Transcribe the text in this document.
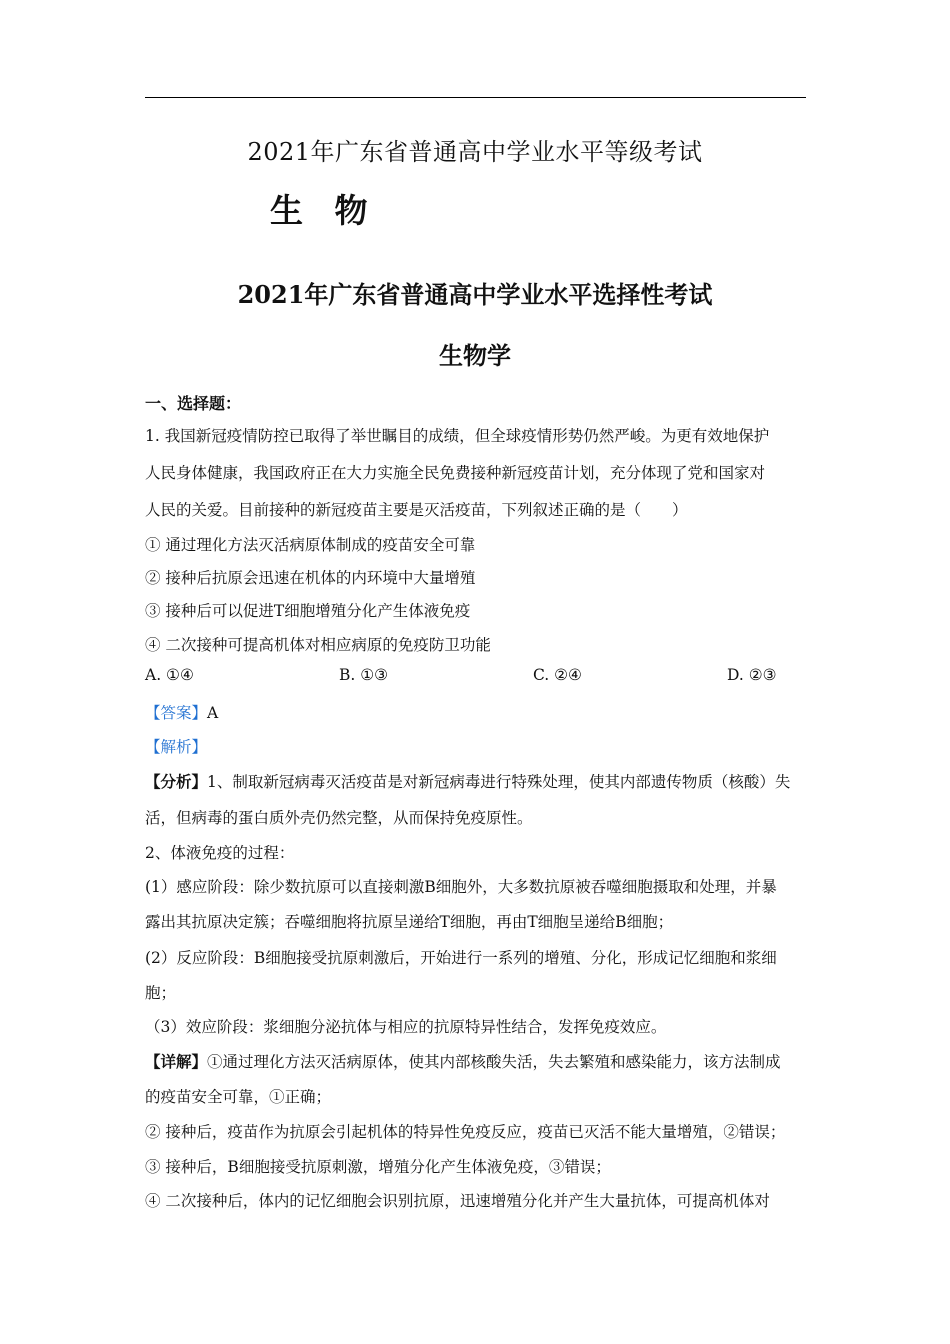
2021年广东省普通高中学业水平等级考试
生 物
2021年广东省普通高中学业水平选择性考试
生物学
一、选择题：
1. 我国新冠疫情防控已取得了举世瞩目的成绩，但全球疫情形势仍然严峻。为更有效地保护
人民身体健康，我国政府正在大力实施全民免费接种新冠疫苗计划，充分体现了党和国家对
人民的关爱。目前接种的新冠疫苗主要是灭活疫苗，下列叙述正确的是（　　）
① 通过理化方法灭活病原体制成的疫苗安全可靠
② 接种后抗原会迅速在机体的内环境中大量增殖
③ 接种后可以促进T细胞增殖分化产生体液免疫
④ 二次接种可提高机体对相应病原的免疫防卫功能
A. ①④	B. ①③	C. ②④	D. ②③
【答案】A
【解析】
【分析】1、制取新冠病毒灭活疫苗是对新冠病毒进行特殊处理，使其内部遗传物质（核酸）失
活，但病毒的蛋白质外壳仍然完整，从而保持免疫原性。
2、体液免疫的过程：
(1）感应阶段：除少数抗原可以直接刺激B细胞外，大多数抗原被吞噬细胞摄取和处理，并暴
露出其抗原决定簇；吞噬细胞将抗原呈递给T细胞，再由T细胞呈递给B细胞；
(2）反应阶段：B细胞接受抗原刺激后，开始进行一系列的增殖、分化，形成记忆细胞和浆细
胞；
（3）效应阶段：浆细胞分泌抗体与相应的抗原特异性结合，发挥免疫效应。
【详解】①通过理化方法灭活病原体，使其内部核酸失活，失去繁殖和感染能力，该方法制成
的疫苗安全可靠，①正确；
② 接种后，疫苗作为抗原会引起机体的特异性免疫反应，疫苗已灭活不能大量增殖，②错误；
③ 接种后，B细胞接受抗原刺激，增殖分化产生体液免疫，③错误；
④ 二次接种后，体内的记忆细胞会识别抗原，迅速增殖分化并产生大量抗体，可提高机体对
